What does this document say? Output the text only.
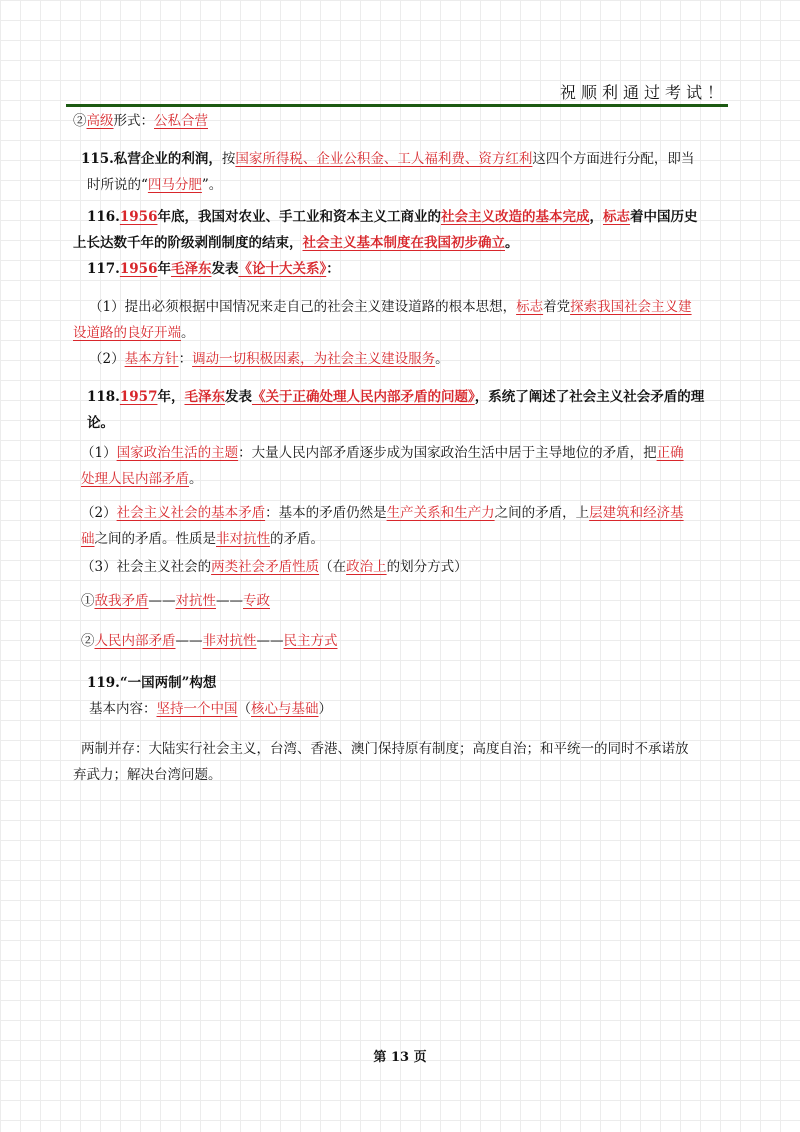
祝顺利通过考试！

②高级形式：公私合营

115.私营企业的利润，按国家所得税、企业公积金、工人福利费、资方红利这四个方面进行分配，即当

时所说的“四马分肥”。

116.1956年底，我国对农业、手工业和资本主义工商业的社会主义改造的基本完成，标志着中国历史

上长达数千年的阶级剥削制度的结束，社会主义基本制度在我国初步确立。

117.1956年毛泽东发表《论十大关系》：

（1）提出必须根据中国情况来走自己的社会主义建设道路的根本思想，标志着党探索我国社会主义建

设道路的良好开端。

（2）基本方针：调动一切积极因素，为社会主义建设服务。

118.1957年，毛泽东发表《关于正确处理人民内部矛盾的问题》，系统了阐述了社会主义社会矛盾的理论。

（1）国家政治生活的主题：大量人民内部矛盾逐步成为国家政治生活中居于主导地位的矛盾，把正确

处理人民内部矛盾。

（2）社会主义社会的基本矛盾：基本的矛盾仍然是生产关系和生产力之间的矛盾，上层建筑和经济基

础之间的矛盾。性质是非对抗性的矛盾。

（3）社会主义社会的两类社会矛盾性质（在政治上的划分方式）

①敌我矛盾——对抗性——专政

②人民内部矛盾——非对抗性——民主方式

119.“一国两制”构想

基本内容：坚持一个中国（核心与基础）

两制并存：大陆实行社会主义，台湾、香港、澳门保持原有制度；高度自治；和平统一的同时不承诺放

弃武力；解决台湾问题。

第 13 页
